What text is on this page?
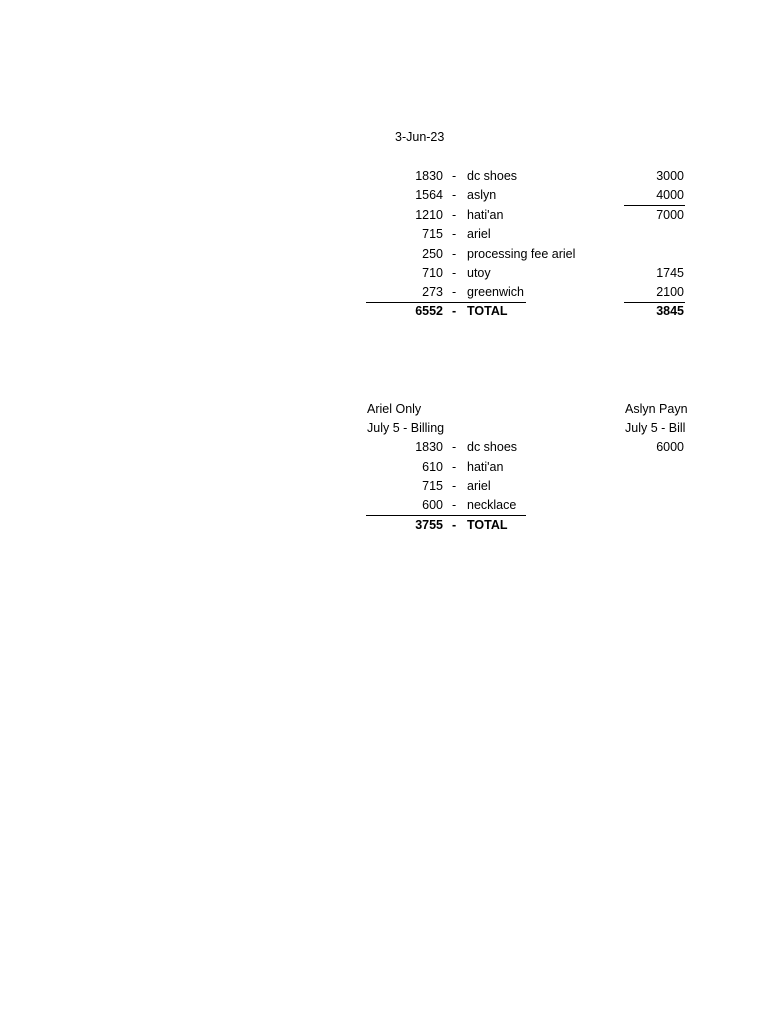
3-Jun-23
1830 - dc shoes	3000
1564 - aslyn	4000
1210 - hati'an	7000
715 - ariel
250 - processing fee ariel
710 - utoy	1745
273 - greenwich	2100
6552 - TOTAL	3845
Ariel Only	Aslyn Payn
July 5 - Billing	July 5 - Bill
1830 - dc shoes	6000
610 - hati'an
715 - ariel
600 - necklace
3755 - TOTAL
